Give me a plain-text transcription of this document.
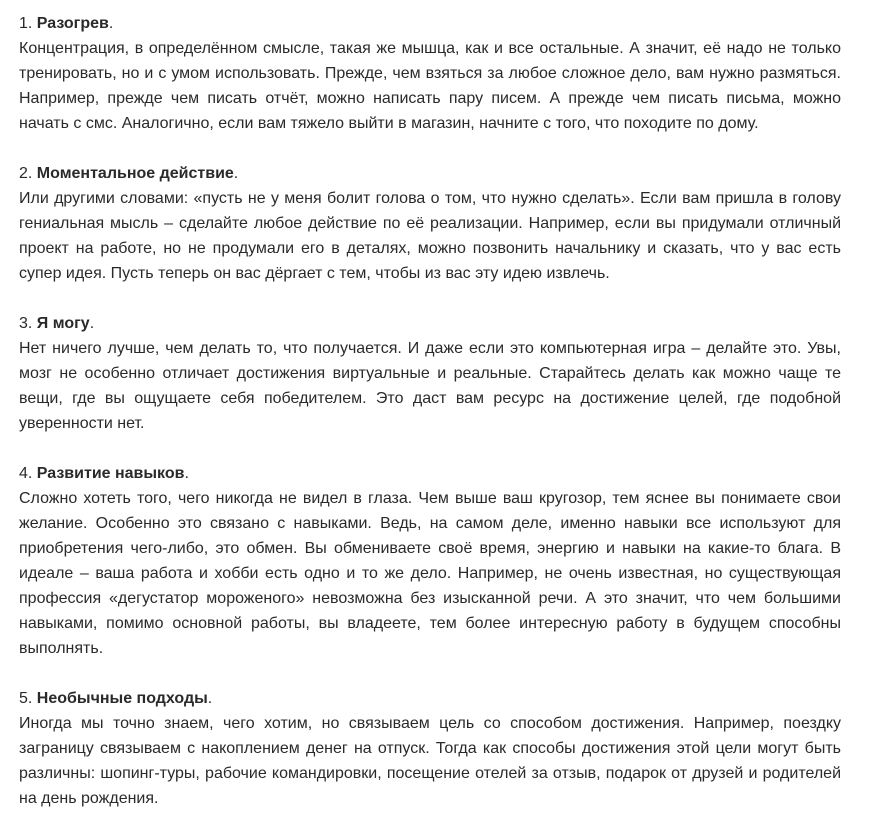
1. Разогрев.

Концентрация, в определённом смысле, такая же мышца, как и все остальные. А значит, её надо не только тренировать, но и с умом использовать. Прежде, чем взяться за любое сложное дело, вам нужно размяться. Например, прежде чем писать отчёт, можно написать пару писем. А прежде чем писать письма, можно начать с смс. Аналогично, если вам тяжело выйти в магазин, начните с того, что походите по дому.

2. Моментальное действие.

Или другими словами: «пусть не у меня болит голова о том, что нужно сделать». Если вам пришла в голову гениальная мысль – сделайте любое действие по её реализации. Например, если вы придумали отличный проект на работе, но не продумали его в деталях, можно позвонить начальнику и сказать, что у вас есть супер идея. Пусть теперь он вас дёргает с тем, чтобы из вас эту идею извлечь.

3. Я могу.

Нет ничего лучше, чем делать то, что получается. И даже если это компьютерная игра – делайте это. Увы, мозг не особенно отличает достижения виртуальные и реальные. Старайтесь делать как можно чаще те вещи, где вы ощущаете себя победителем. Это даст вам ресурс на достижение целей, где подобной уверенности нет.

4. Развитие навыков.

Сложно хотеть того, чего никогда не видел в глаза. Чем выше ваш кругозор, тем яснее вы понимаете свои желание. Особенно это связано с навыками. Ведь, на самом деле, именно навыки все используют для приобретения чего-либо, это обмен. Вы обмениваете своё время, энергию и навыки на какие-то блага. В идеале – ваша работа и хобби есть одно и то же дело. Например, не очень известная, но существующая профессия «дегустатор мороженого» невозможна без изысканной речи. А это значит, что чем большими навыками, помимо основной работы, вы владеете, тем более интересную работу в будущем способны выполнять.

5. Необычные подходы.

Иногда мы точно знаем, чего хотим, но связываем цель со способом достижения. Например, поездку заграницу связываем с накоплением денег на отпуск. Тогда как способы достижения этой цели могут быть различны: шопинг-туры, рабочие командировки, посещение отелей за отзыв, подарок от друзей и родителей на день рождения.
